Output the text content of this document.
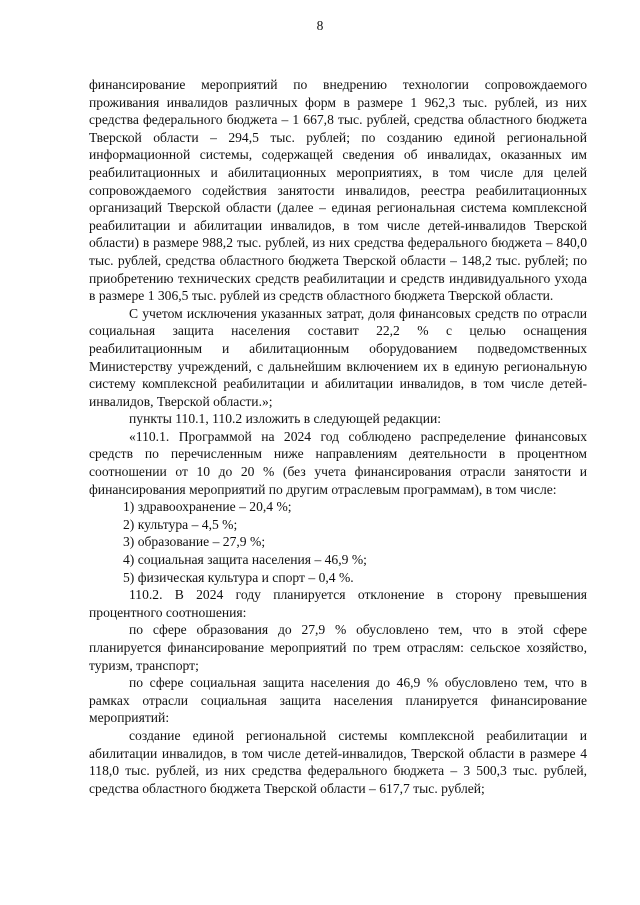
8

финансирование мероприятий по внедрению технологии сопровождаемого проживания инвалидов различных форм в размере 1 962,3 тыс. рублей, из них средства федерального бюджета – 1 667,8 тыс. рублей, средства областного бюджета Тверской области – 294,5 тыс. рублей; по созданию единой региональной информационной системы, содержащей сведения об инвалидах, оказанных им реабилитационных и абилитационных мероприятиях, в том числе для целей сопровождаемого содействия занятости инвалидов, реестра реабилитационных организаций Тверской области (далее – единая региональная система комплексной реабилитации и абилитации инвалидов, в том числе детей-инвалидов Тверской области) в размере 988,2 тыс. рублей, из них средства федерального бюджета – 840,0 тыс. рублей, средства областного бюджета Тверской области – 148,2 тыс. рублей; по приобретению технических средств реабилитации и средств индивидуального ухода в размере 1 306,5 тыс. рублей из средств областного бюджета Тверской области.

С учетом исключения указанных затрат, доля финансовых средств по отрасли социальная защита населения составит 22,2 % с целью оснащения реабилитационным и абилитационным оборудованием подведомственных Министерству учреждений, с дальнейшим включением их в единую региональную систему комплексной реабилитации и абилитации инвалидов, в том числе детей-инвалидов, Тверской области.»;

пункты 110.1, 110.2 изложить в следующей редакции:

«110.1. Программой на 2024 год соблюдено распределение финансовых средств по перечисленным ниже направлениям деятельности в процентном соотношении от 10 до 20 % (без учета финансирования отрасли занятости и финансирования мероприятий по другим отраслевым программам), в том числе:

1) здравоохранение – 20,4 %;

2) культура – 4,5 %;

3) образование – 27,9 %;

4) социальная защита населения – 46,9 %;

5) физическая культура и спорт – 0,4 %.

110.2. В 2024 году планируется отклонение в сторону превышения процентного соотношения:

по сфере образования до 27,9 % обусловлено тем, что в этой сфере планируется финансирование мероприятий по трем отраслям: сельское хозяйство, туризм, транспорт;

по сфере социальная защита населения до 46,9 % обусловлено тем, что в рамках отрасли социальная защита населения планируется финансирование мероприятий:

создание единой региональной системы комплексной реабилитации и абилитации инвалидов, в том числе детей-инвалидов, Тверской области в размере 4 118,0 тыс. рублей, из них средства федерального бюджета – 3 500,3 тыс. рублей, средства областного бюджета Тверской области – 617,7 тыс. рублей;
